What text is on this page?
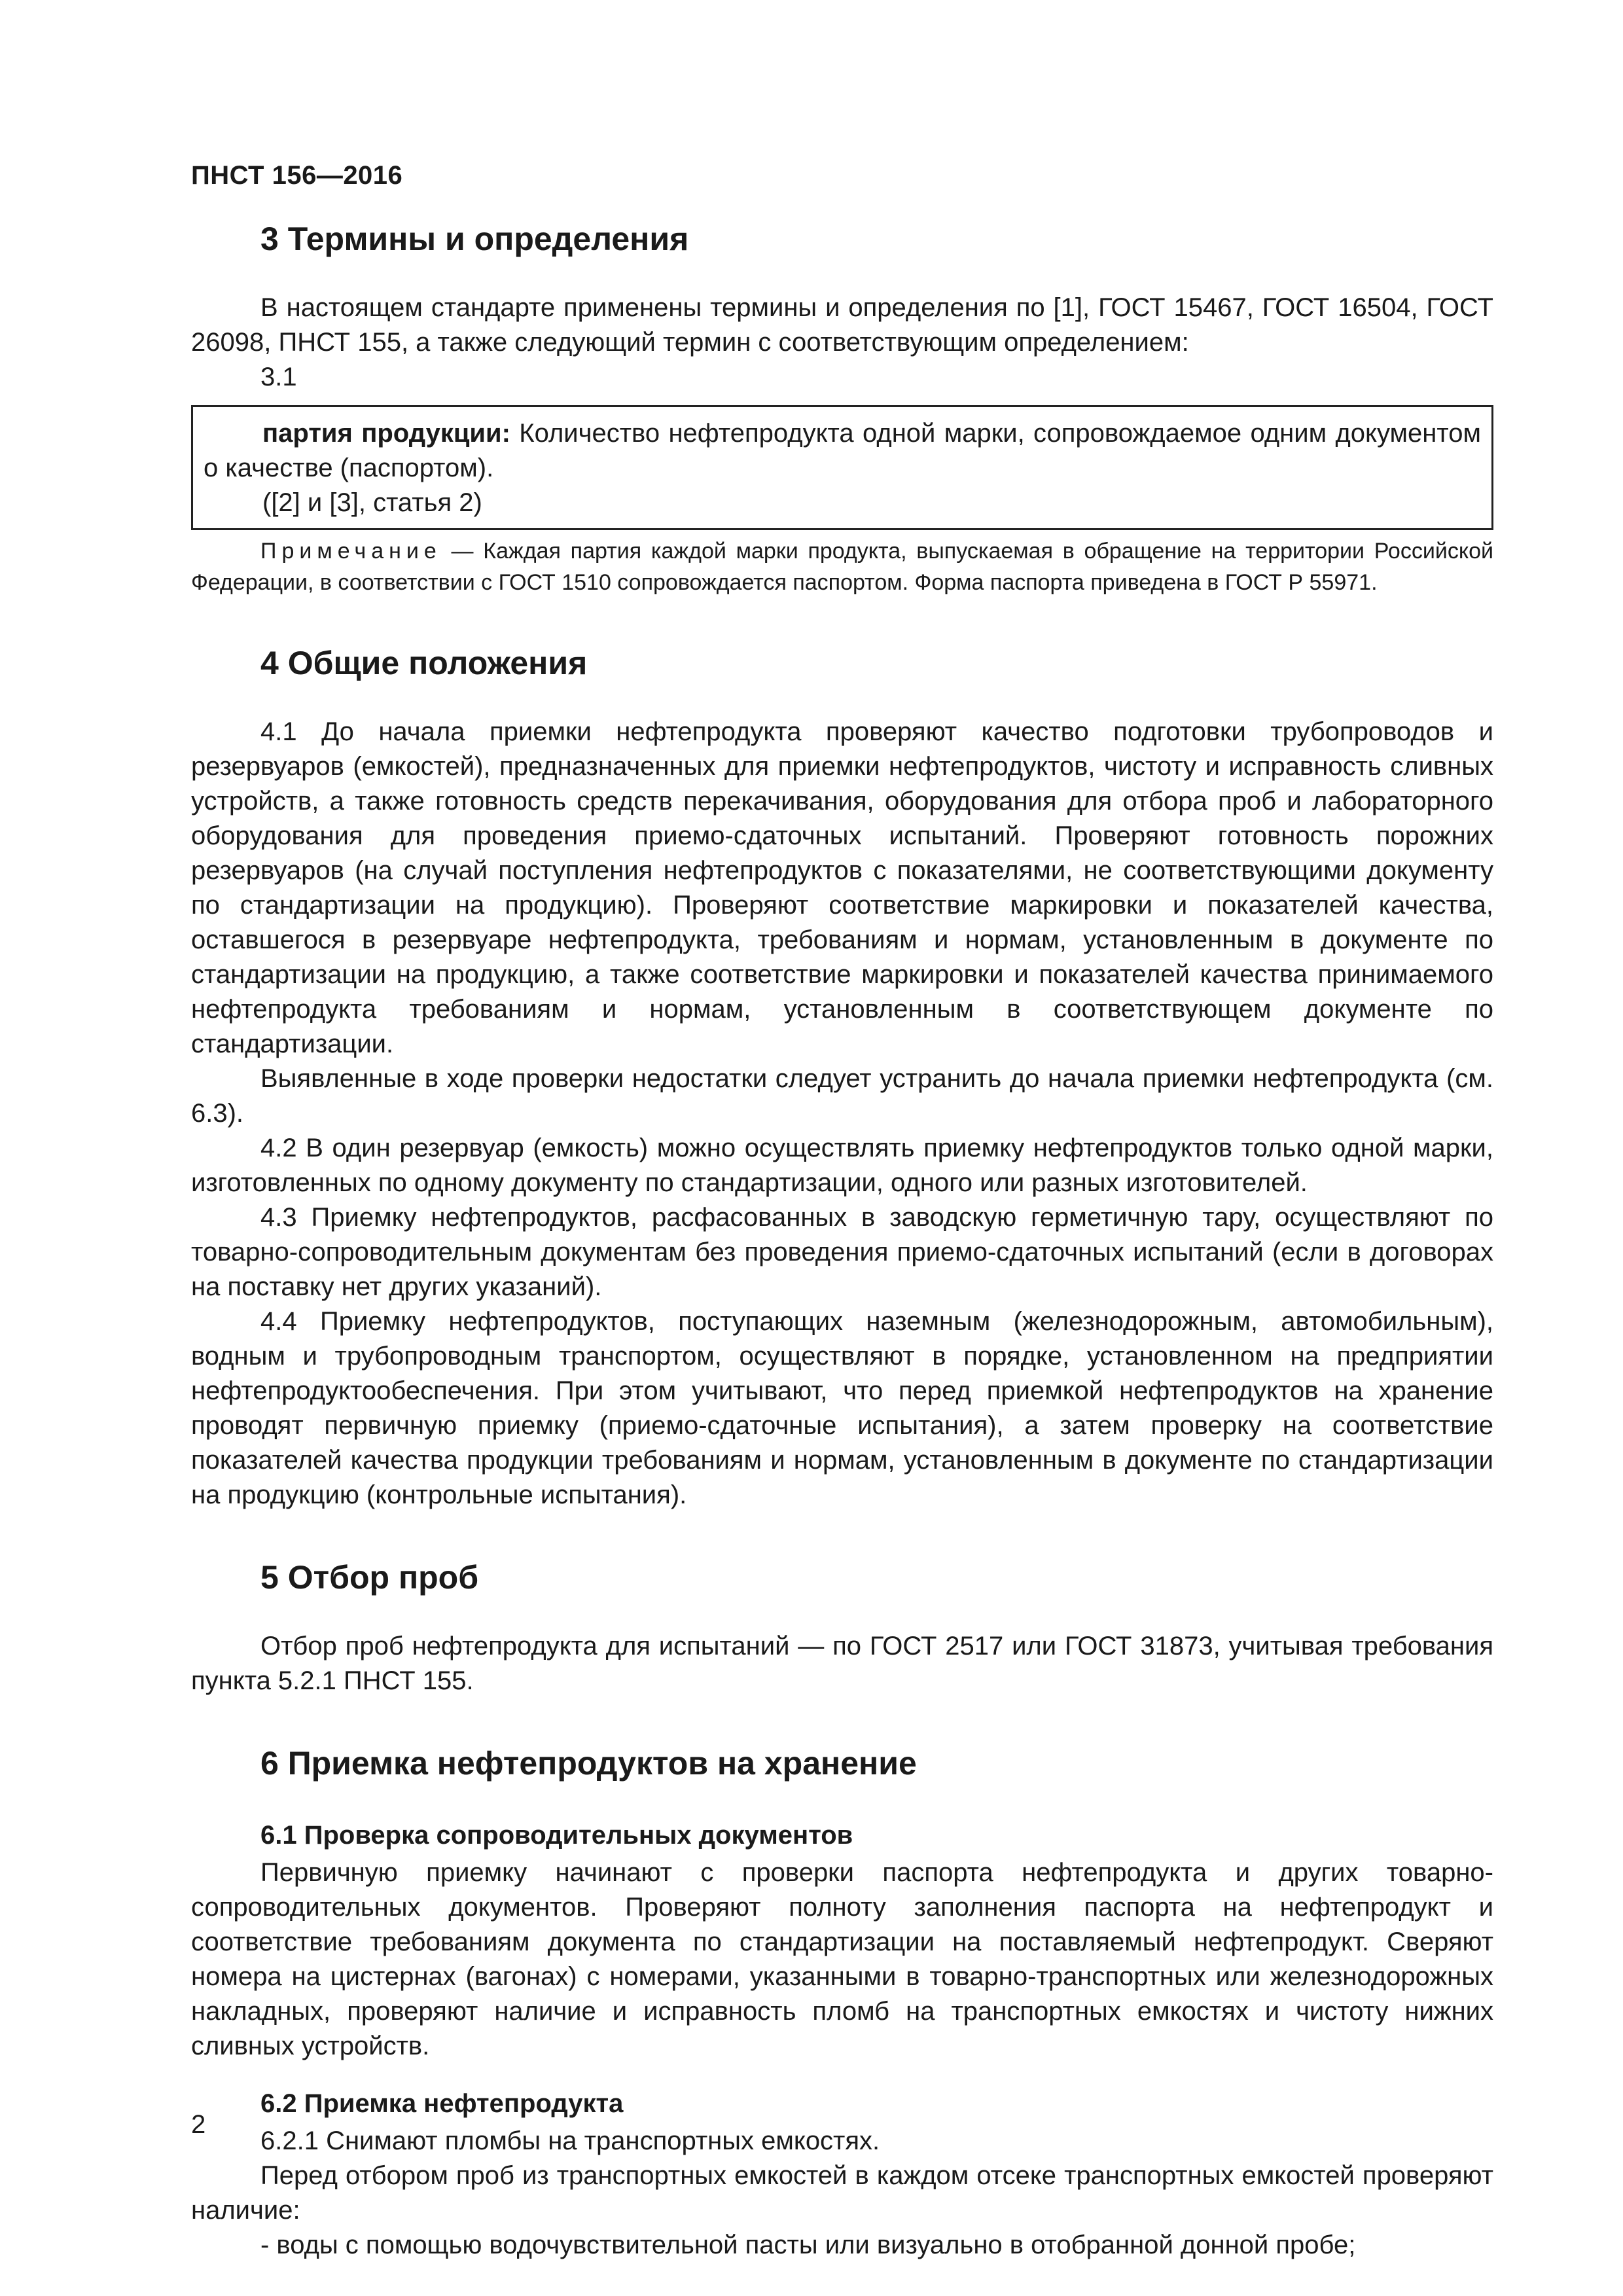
ПНСТ 156—2016
3 Термины и определения

В настоящем стандарте применены термины и определения по [1], ГОСТ 15467, ГОСТ 16504, ГОСТ 26098, ПНСТ 155, а также следующий термин с соответствующим определением:

3.1

партия продукции: Количество нефтепродукта одной марки, сопровождаемое одним документом о качестве (паспортом).

([2] и [3], статья 2)

Примечание — Каждая партия каждой марки продукта, выпускаемая в обращение на территории Российской Федерации, в соответствии с ГОСТ 1510 сопровождается паспортом. Форма паспорта приведена в ГОСТ Р 55971.

4 Общие положения

4.1 До начала приемки нефтепродукта проверяют качество подготовки трубопроводов и резервуаров (емкостей), предназначенных для приемки нефтепродуктов, чистоту и исправность сливных устройств, а также готовность средств перекачивания, оборудования для отбора проб и лабораторного оборудования для проведения приемо-сдаточных испытаний. Проверяют готовность порожних резервуаров (на случай поступления нефтепродуктов с показателями, не соответствующими документу по стандартизации на продукцию). Проверяют соответствие маркировки и показателей качества, оставшегося в резервуаре нефтепродукта, требованиям и нормам, установленным в документе по стандартизации на продукцию, а также соответствие маркировки и показателей качества принимаемого нефтепродукта требованиям и нормам, установленным в соответствующем документе по стандартизации.

Выявленные в ходе проверки недостатки следует устранить до начала приемки нефтепродукта (см. 6.3).

4.2 В один резервуар (емкость) можно осуществлять приемку нефтепродуктов только одной марки, изготовленных по одному документу по стандартизации, одного или разных изготовителей.

4.3 Приемку нефтепродуктов, расфасованных в заводскую герметичную тару, осуществляют по товарно-сопроводительным документам без проведения приемо-сдаточных испытаний (если в договорах на поставку нет других указаний).

4.4 Приемку нефтепродуктов, поступающих наземным (железнодорожным, автомобильным), водным и трубопроводным транспортом, осуществляют в порядке, установленном на предприятии нефтепродуктообеспечения. При этом учитывают, что перед приемкой нефтепродуктов на хранение проводят первичную приемку (приемо-сдаточные испытания), а затем проверку на соответствие показателей качества продукции требованиям и нормам, установленным в документе по стандартизации на продукцию (контрольные испытания).

5 Отбор проб

Отбор проб нефтепродукта для испытаний — по ГОСТ 2517 или ГОСТ 31873, учитывая требования пункта 5.2.1 ПНСТ 155.

6 Приемка нефтепродуктов на хранение
6.1 Проверка сопроводительных документов

Первичную приемку начинают с проверки паспорта нефтепродукта и других товарно-сопроводительных документов. Проверяют полноту заполнения паспорта на нефтепродукт и соответствие требованиям документа по стандартизации на поставляемый нефтепродукт. Сверяют номера на цистернах (вагонах) с номерами, указанными в товарно-транспортных или железнодорожных накладных, проверяют наличие и исправность пломб на транспортных емкостях и чистоту нижних сливных устройств.

6.2 Приемка нефтепродукта

6.2.1 Снимают пломбы на транспортных емкостях.

Перед отбором проб из транспортных емкостей в каждом отсеке транспортных емкостей проверяют наличие:

- воды с помощью водочувствительной пасты или визуально в отобранной донной пробе;

2
